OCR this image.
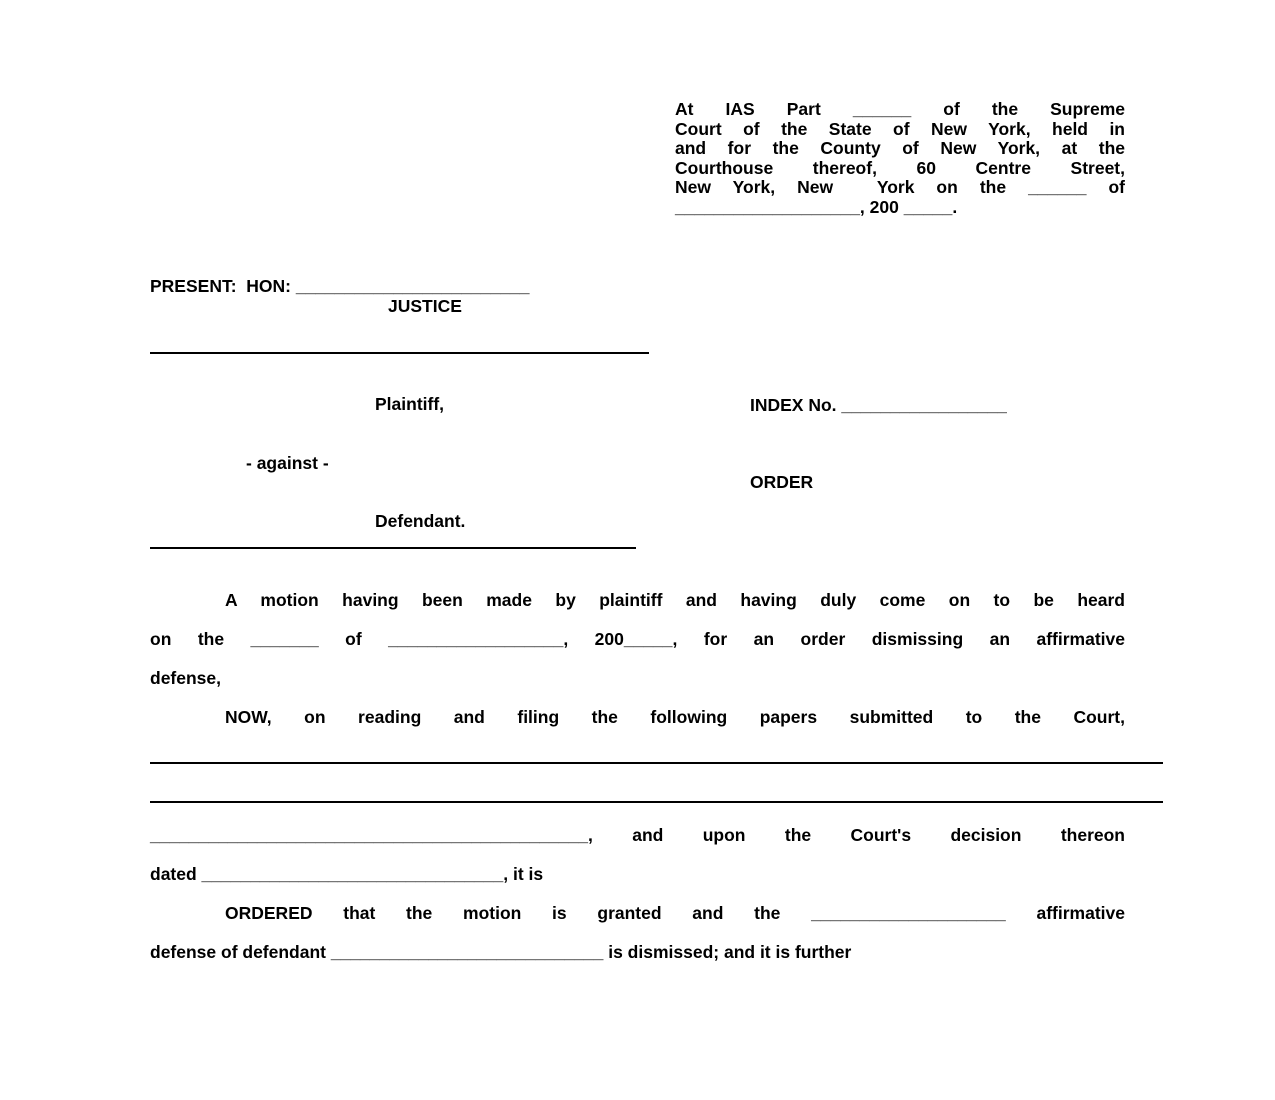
At IAS Part ______ of the Supreme
Court of the State of New York, held in
and for the County of New York, at the
Courthouse thereof, 60 Centre Street,
New York, New  York on the ______ of
___________________, 200 _____.
PRESENT:  HON: ________________________
JUSTICE
Plaintiff,
- against -
Defendant.
INDEX No. _________________
ORDER
A motion having been made by plaintiff and having duly come on to be heard
on the _______ of __________________, 200_____, for an order dismissing an affirmative
defense,
NOW, on reading and filing the following papers submitted to the Court,
_____________________________________________, and upon the Court's decision thereon
dated _______________________________, it is
ORDERED that the motion is granted and the ____________________ affirmative
defense of defendant ____________________________ is dismissed; and it is further
